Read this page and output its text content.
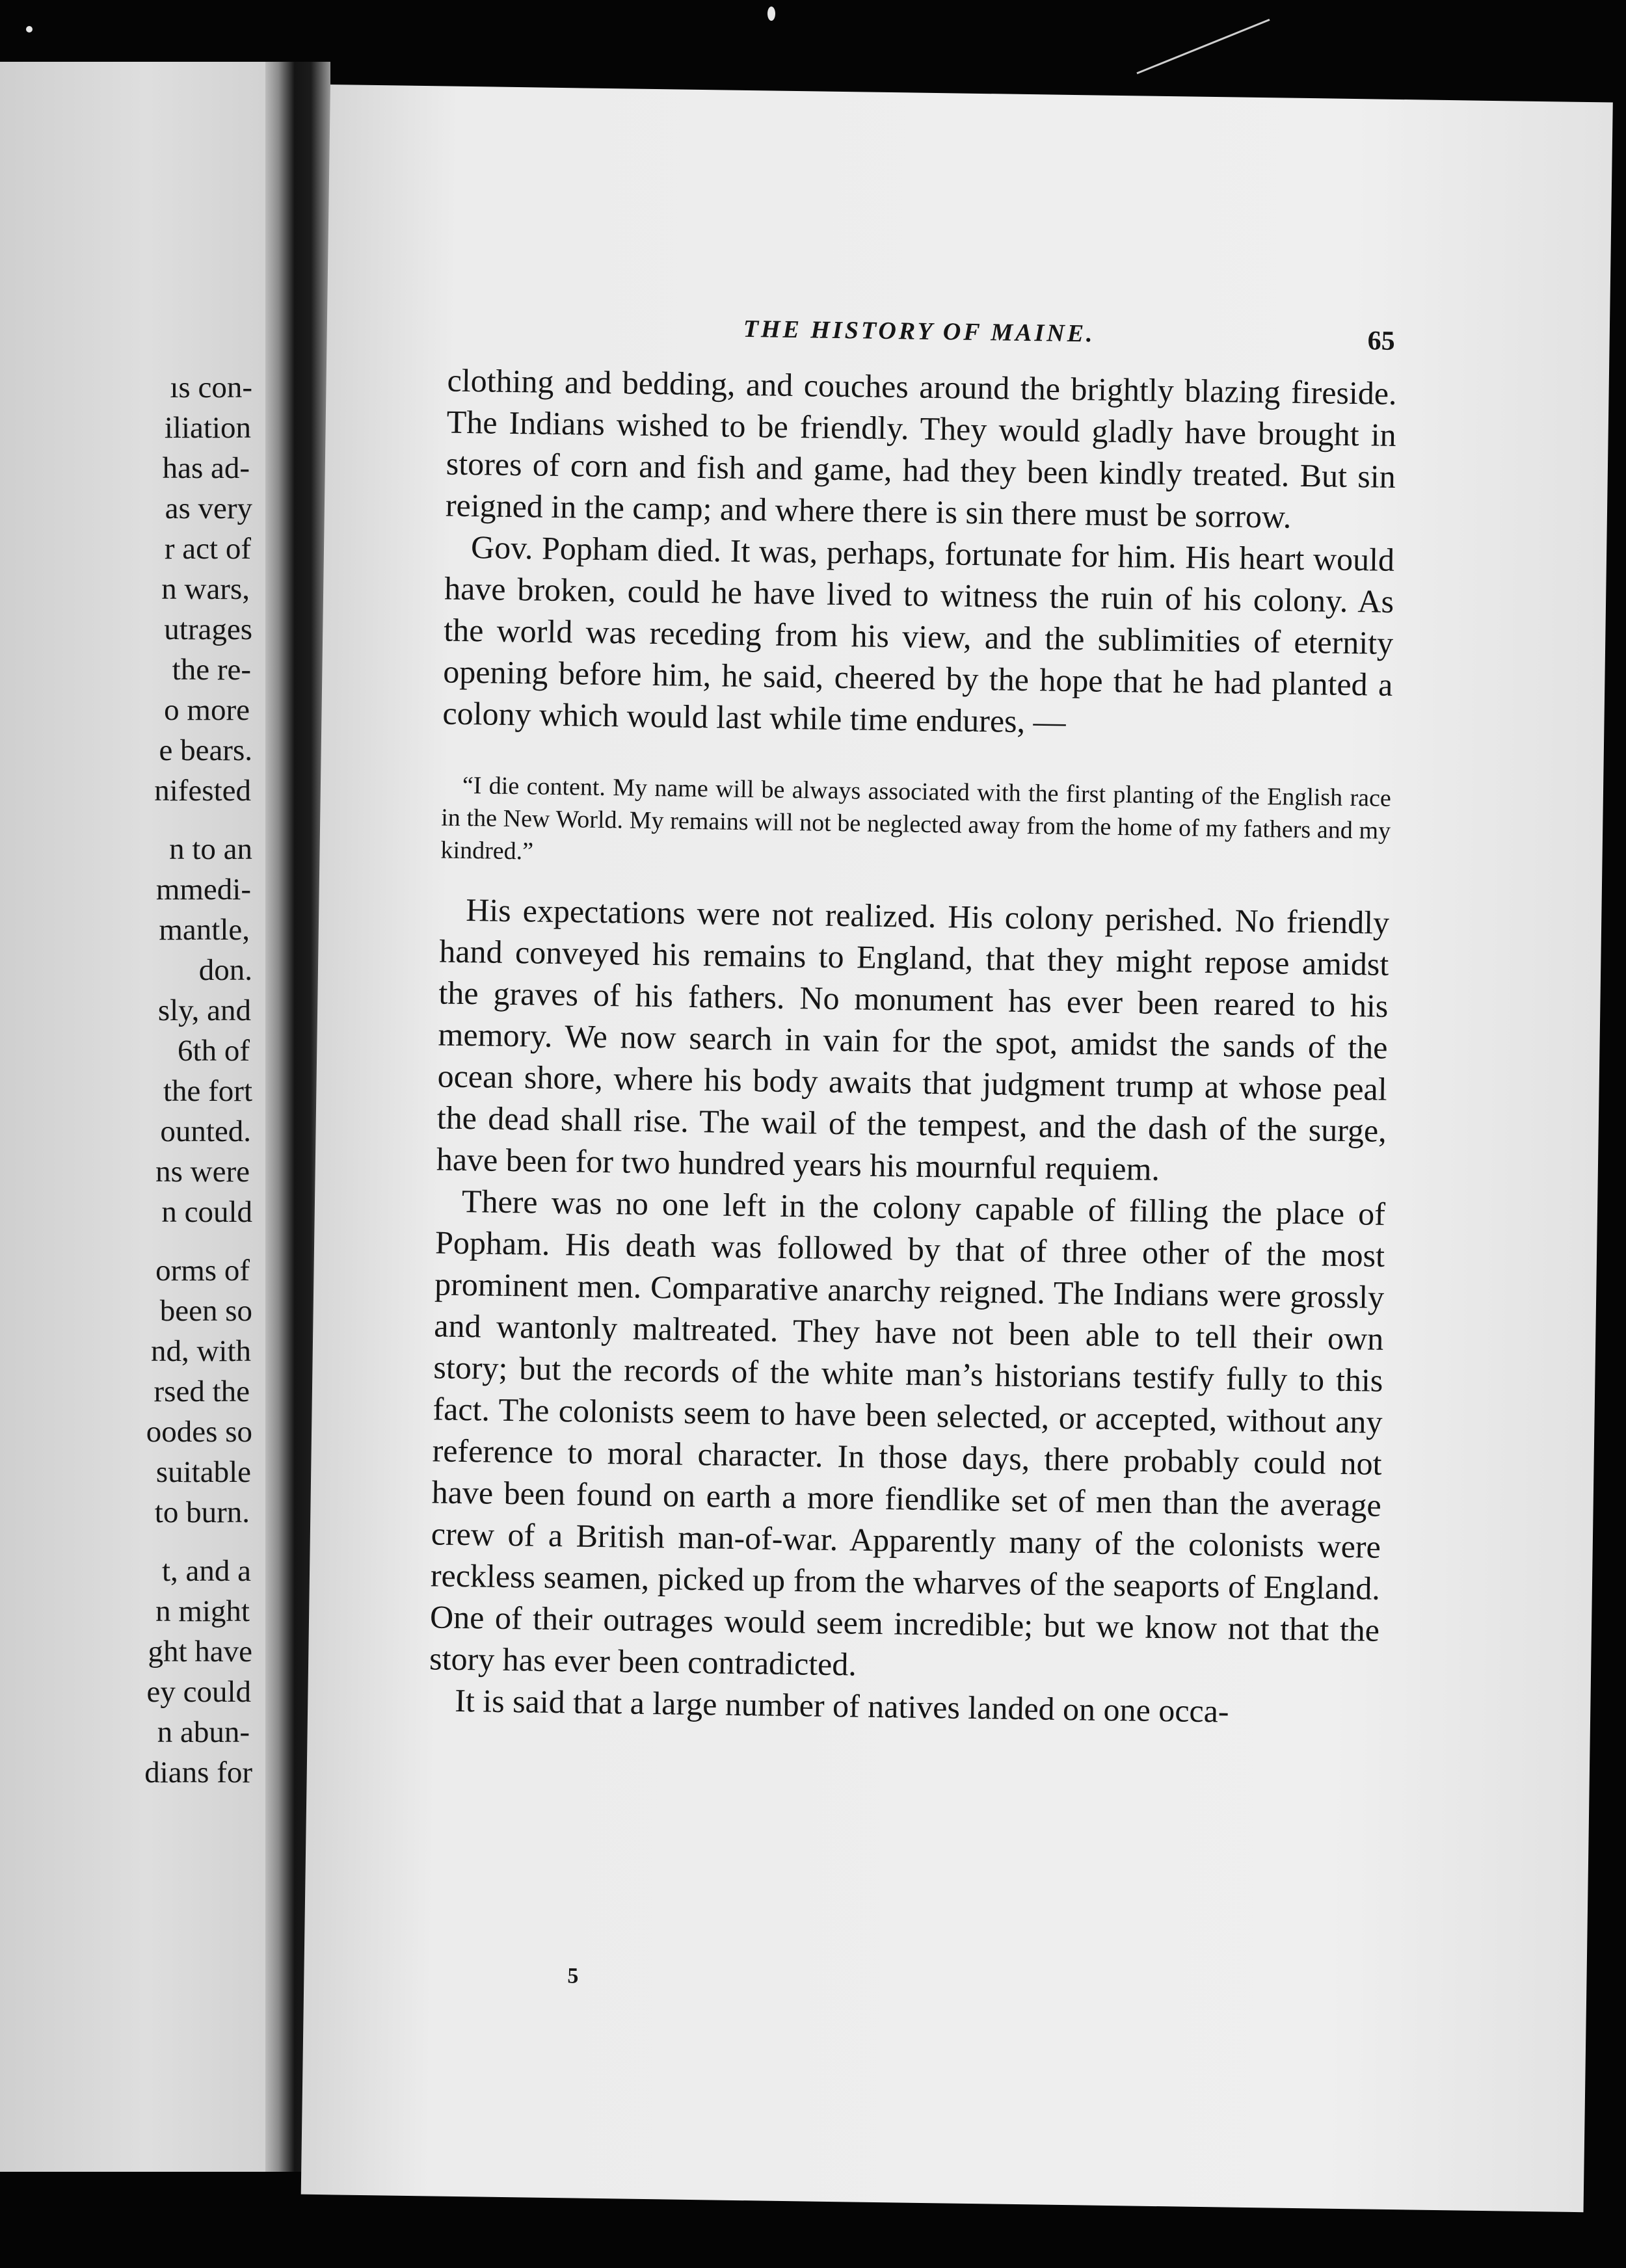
ıs con-
iliation
has ad-
as very
r act of
n wars,
utrages
the re-
o more
e bears.
nifested
n to an
mmedi-
mantle,
don.
sly, and
6th of
the fort
ounted.
ns were
n could
orms of
been so
nd, with
rsed the
oodes so
suitable
to burn.
t, and a
n might
ght have
ey could
n abun-
dians for
THE HISTORY OF MAINE.	65

clothing and bedding, and couches around the brightly blazing fireside. The Indians wished to be friendly. They would gladly have brought in stores of corn and fish and game, had they been kindly treated. But sin reigned in the camp; and where there is sin there must be sorrow.

Gov. Popham died. It was, perhaps, fortunate for him. His heart would have broken, could he have lived to witness the ruin of his colony. As the world was receding from his view, and the sublimities of eternity opening before him, he said, cheered by the hope that he had planted a colony which would last while time endures, —

“I die content. My name will be always associated with the first planting of the English race in the New World. My remains will not be neglected away from the home of my fathers and my kindred.”

His expectations were not realized. His colony perished. No friendly hand conveyed his remains to England, that they might repose amidst the graves of his fathers. No monument has ever been reared to his memory. We now search in vain for the spot, amidst the sands of the ocean shore, where his body awaits that judgment trump at whose peal the dead shall rise. The wail of the tempest, and the dash of the surge, have been for two hundred years his mournful requiem.

There was no one left in the colony capable of filling the place of Popham. His death was followed by that of three other of the most prominent men. Comparative anarchy reigned. The Indians were grossly and wantonly maltreated. They have not been able to tell their own story; but the records of the white man’s historians testify fully to this fact. The colonists seem to have been selected, or accepted, without any reference to moral character. In those days, there probably could not have been found on earth a more fiendlike set of men than the average crew of a British man-of-war. Apparently many of the colonists were reckless seamen, picked up from the wharves of the seaports of England. One of their outrages would seem incredible; but we know not that the story has ever been contradicted.

It is said that a large number of natives landed on one occa-

5
